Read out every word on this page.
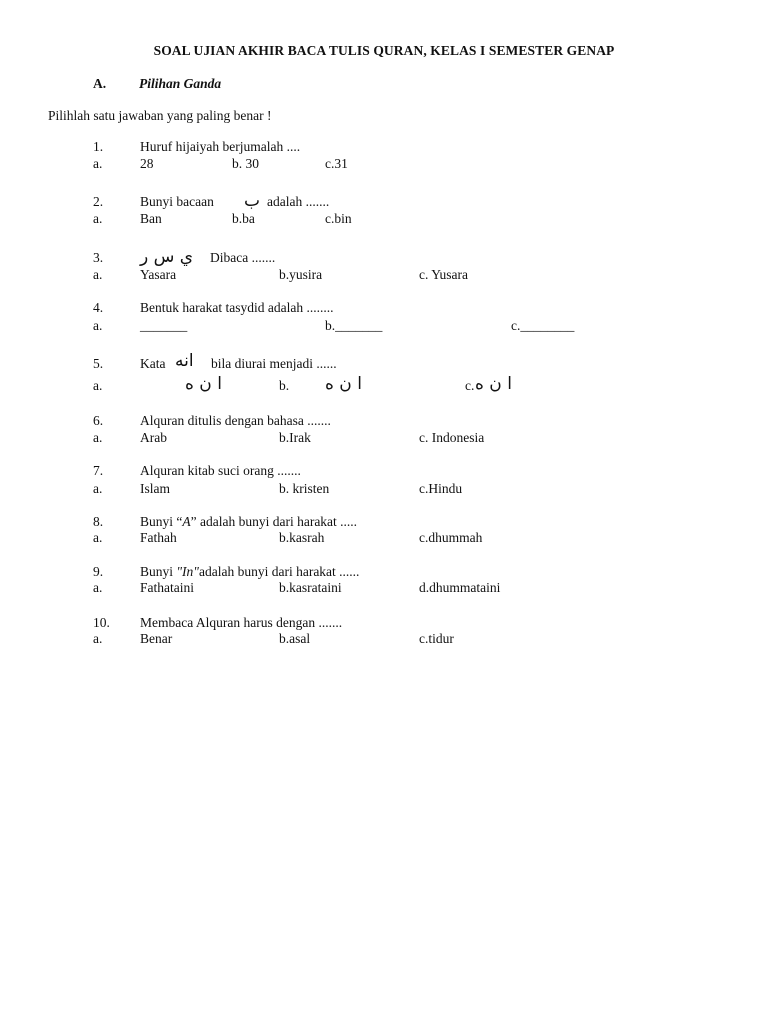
SOAL UJIAN AKHIR BACA TULIS QURAN, KELAS I SEMESTER GENAP
A. Pilihan Ganda
Pilihlah satu jawaban yang paling benar !
1.	Huruf hijaiyah berjumalah ....
a.	28	b. 30	c.31
2.	Bunyi bacaan ب adalah .......
a.	Ban	b.ba	c.bin
3. ي س ر Dibaca .......
a.	Yasara	b.yusira	c. Yusara
4.	Bentuk harakat tasydid adalah ........
a.	_______	b._______	c.________
5.	Kata انه bila diurai menjadi ......
a.	ا ن ه	b. ا ن ه	c. ا ن ه
6.	Alquran ditulis dengan bahasa .......
a.	Arab	b.Irak	c. Indonesia
7.	Alquran kitab suci orang .......
a.	Islam	b. kristen	c.Hindu
8.	Bunyi “A” adalah bunyi dari harakat .....
a.	Fathah	b.kasrah	c.dhummah
9.	Bunyi "In"adalah bunyi dari harakat ......
a.	Fathataini	b.kasrataini	d.dhummataini
10. Membaca Alquran harus dengan .......
a.	Benar	b.asal	c.tidur
